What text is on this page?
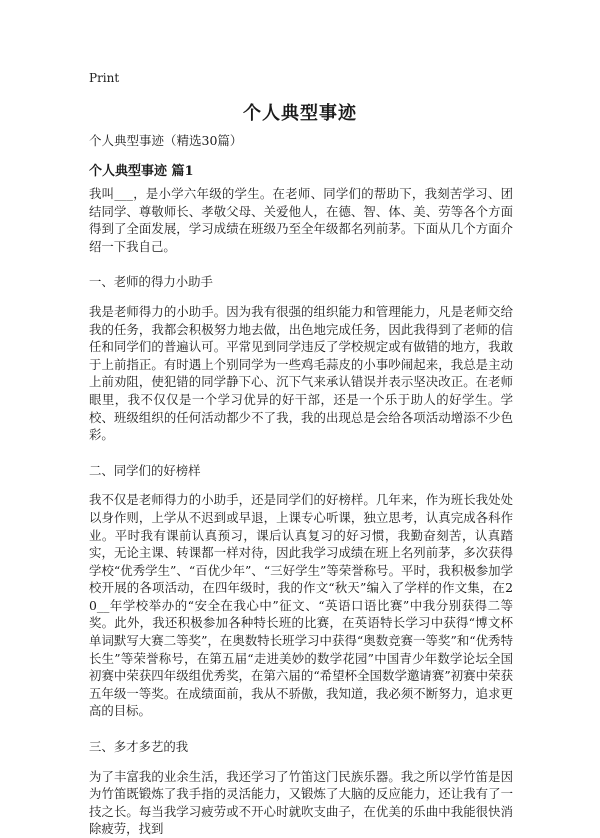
Print
个人典型事迹

个人典型事迹（精选30篇）

个人典型事迹 篇1

我叫___，是小学六年级的学生。在老师、同学们的帮助下，我刻苦学习、团结同学、尊敬师长、孝敬父母、关爱他人，在德、智、体、美、劳等各个方面得到了全面发展，学习成绩在班级乃至全年级都名列前茅。下面从几个方面介绍一下我自己。

一、老师的得力小助手

我是老师得力的小助手。因为我有很强的组织能力和管理能力，凡是老师交给我的任务，我都会积极努力地去做，出色地完成任务，因此我得到了老师的信任和同学们的普遍认可。平常见到同学违反了学校规定或有做错的地方，我敢于上前指正。有时遇上个别同学为一些鸡毛蒜皮的小事吵闹起来，我总是主动上前劝阻，使犯错的同学静下心、沉下气来承认错误并表示坚决改正。在老师眼里，我不仅仅是一个学习优异的好干部，还是一个乐于助人的好学生。学校、班级组织的任何活动都少不了我，我的出现总是会给各项活动增添不少色彩。

二、同学们的好榜样

我不仅是老师得力的小助手，还是同学们的好榜样。几年来，作为班长我处处以身作则，上学从不迟到或早退，上课专心听课，独立思考，认真完成各科作业。平时我有课前认真预习，课后认真复习的好习惯，我勤奋刻苦，认真踏实，无论主课、转课都一样对待，因此我学习成绩在班上名列前茅，多次获得学校“优秀学生”、“百优少年”、“三好学生”等荣誉称号。平时，我积极参加学校开展的各项活动，在四年级时，我的作文“秋天”编入了学样的作文集，在20__年学校举办的“安全在我心中”征文、“英语口语比赛”中我分别获得二等奖。此外，我还积极参加各种特长班的比赛，在英语特长学习中获得“博文杯单词默写大赛二等奖”，在奥数特长班学习中获得“奥数竞赛一等奖”和“优秀特长生”等荣誉称号，在第五届“走进美妙的数学花园”中国青少年数学论坛全国初赛中荣获四年级组优秀奖，在第六届的“希望杯全国数学邀请赛”初赛中荣获五年级一等奖。在成绩面前，我从不骄傲，我知道，我必须不断努力，追求更高的目标。

三、多才多艺的我

为了丰富我的业余生活，我还学习了竹笛这门民族乐器。我之所以学竹笛是因为竹笛既锻炼了我手指的灵活能力，又锻炼了大脑的反应能力，还让我有了一技之长。每当我学习疲劳或不开心时就吹支曲子，在优美的乐曲中我能很快消除疲劳，找到
